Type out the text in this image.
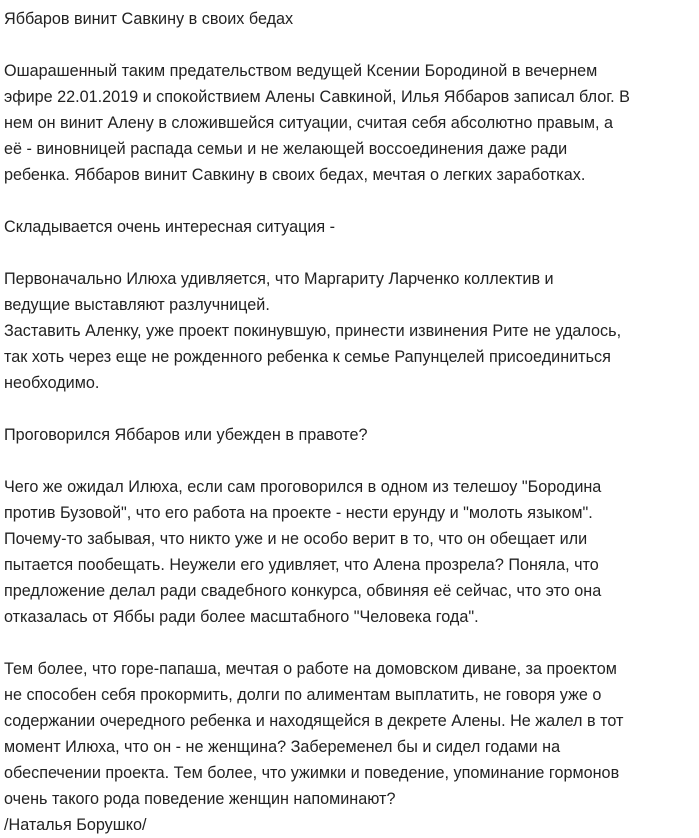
Яббаров винит Савкину в своих бедах
Ошарашенный таким предательством ведущей Ксении Бородиной в вечернем
эфире 22.01.2019 и спокойствием Алены Савкиной, Илья Яббаров записал блог. В
нем он винит Алену в сложившейся ситуации, считая себя абсолютно правым, а
её - виновницей распада семьи и не желающей воссоединения даже ради
ребенка. Яббаров винит Савкину в своих бедах, мечтая о легких заработках.
Складывается очень интересная ситуация -
Первоначально Илюха удивляется, что Маргариту Ларченко коллектив и
ведущие выставляют разлучницей.
Заставить Аленку, уже проект покинувшую, принести извинения Рите не удалось,
так хоть через еще не рожденного ребенка к семье Рапунцелей присоединиться
необходимо.
Проговорился Яббаров или убежден в правоте?
Чего же ожидал Илюха, если сам проговорился в одном из телешоу "Бородина
против Бузовой", что его работа на проекте - нести ерунду и "молоть языком".
Почему-то забывая, что никто уже и не особо верит в то, что он обещает или
пытается пообещать. Неужели его удивляет, что Алена прозрела? Поняла, что
предложение делал ради свадебного конкурса, обвиняя её сейчас, что это она
отказалась от Яббы ради более масштабного "Человека года".
Тем более, что горе-папаша, мечтая о работе на домовском диване, за проектом
не способен себя прокормить, долги по алиментам выплатить, не говоря уже о
содержании очередного ребенка и находящейся в декрете Алены. Не жалел в тот
момент Илюха, что он - не женщина? Забеременел бы и сидел годами на
обеспечении проекта. Тем более, что ужимки и поведение, упоминание гормонов
очень такого рода поведение женщин напоминают?
/Наталья Борушко/
